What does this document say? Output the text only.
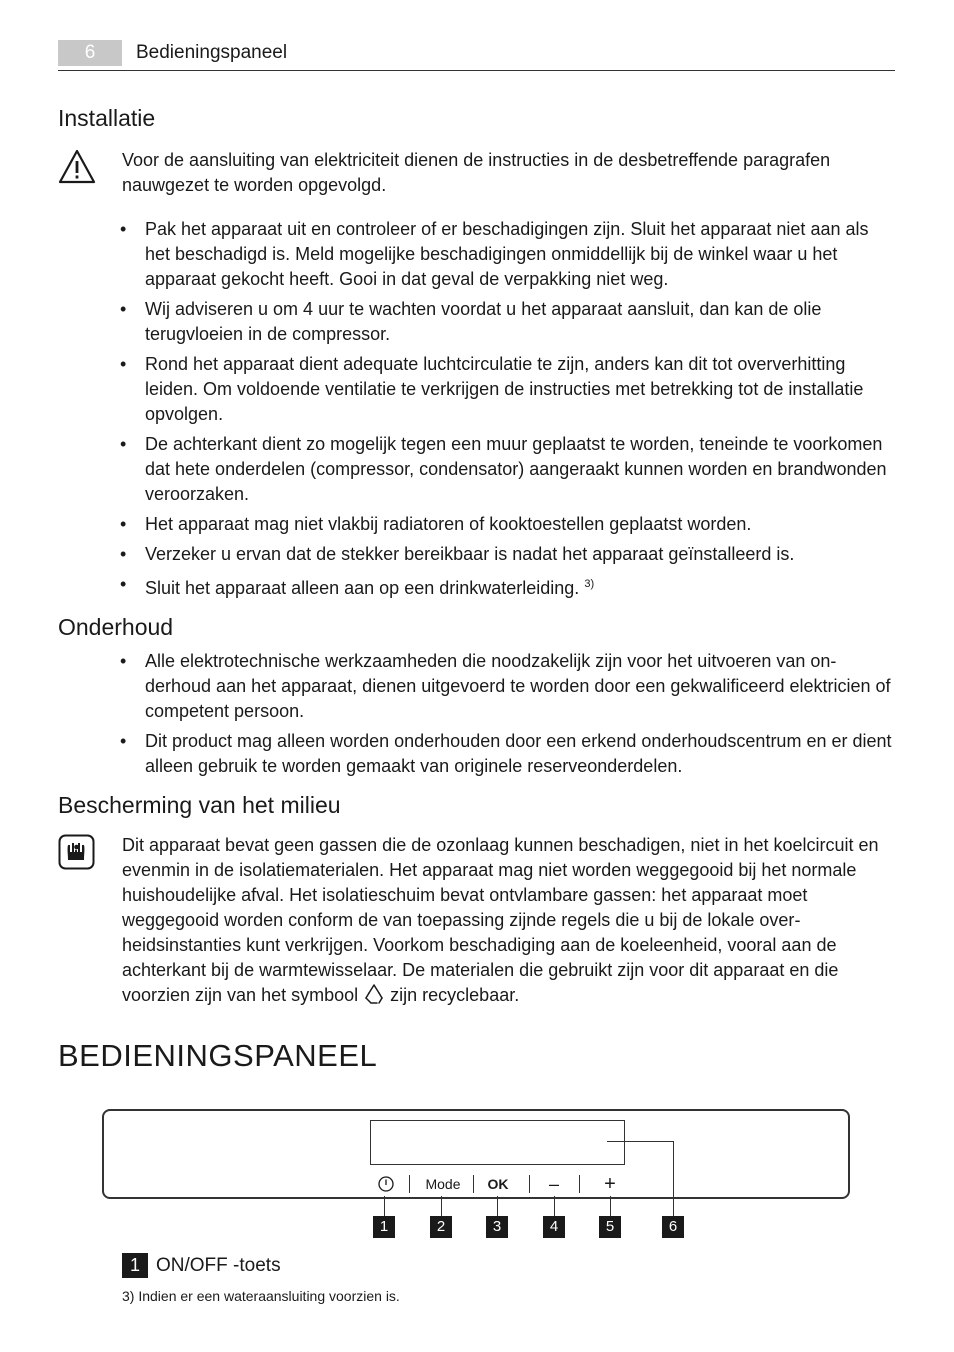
6	Bedieningspaneel
Installatie

Voor de aansluiting van elektriciteit dienen de instructies in de desbetreffende paragrafen nauwgezet te worden opgevolgd.

• Pak het apparaat uit en controleer of er beschadigingen zijn. Sluit het apparaat niet aan als het beschadigd is. Meld mogelijke beschadigingen onmiddellijk bij de winkel waar u het apparaat gekocht heeft. Gooi in dat geval de verpakking niet weg.
• Wij adviseren u om 4 uur te wachten voordat u het apparaat aansluit, dan kan de olie terugvloeien in de compressor.
• Rond het apparaat dient adequate luchtcirculatie te zijn, anders kan dit tot oververhitting leiden. Om voldoende ventilatie te verkrijgen de instructies met betrekking tot de installatie opvolgen.
• De achterkant dient zo mogelijk tegen een muur geplaatst te worden, teneinde te voorkomen dat hete onderdelen (compressor, condensator) aangeraakt kunnen worden en brandwonden veroorzaken.
• Het apparaat mag niet vlakbij radiatoren of kooktoestellen geplaatst worden.
• Verzeker u ervan dat de stekker bereikbaar is nadat het apparaat geïnstalleerd is.
• Sluit het apparaat alleen aan op een drinkwaterleiding. $^{3)}$
Onderhoud
• Alle elektrotechnische werkzaamheden die noodzakelijk zijn voor het uitvoeren van onderhoud aan het apparaat, dienen uitgevoerd te worden door een gekwalificeerd elektricien of competent persoon.
• Dit product mag alleen worden onderhouden door een erkend onderhoudscentrum en er dient alleen gebruik te worden gemaakt van originele reserveonderdelen.
Bescherming van het milieu

Dit apparaat bevat geen gassen die de ozonlaag kunnen beschadigen, niet in het koelcircuit en evenmin in de isolatiematerialen. Het apparaat mag niet worden weggegooid bij het normale huishoudelijke afval. Het isolatieschuim bevat ontvlambare gassen: het apparaat moet weggegooid worden conform de van toepassing zijnde regels die u bij de lokale overheidsinstanties kunt verkrijgen. Voorkom beschadiging aan de koeleenheid, vooral aan de achterkant bij de warmtewisselaar. De materialen die gebruikt zijn voor dit apparaat en die voorzien zijn van het symbool zijn recyclebaar.

BEDIENINGSPANEEL
Mode	OK	–	+
1	2	3	4	5	6
1 ON/OFF -toets
3) Indien er een wateraansluiting voorzien is.
